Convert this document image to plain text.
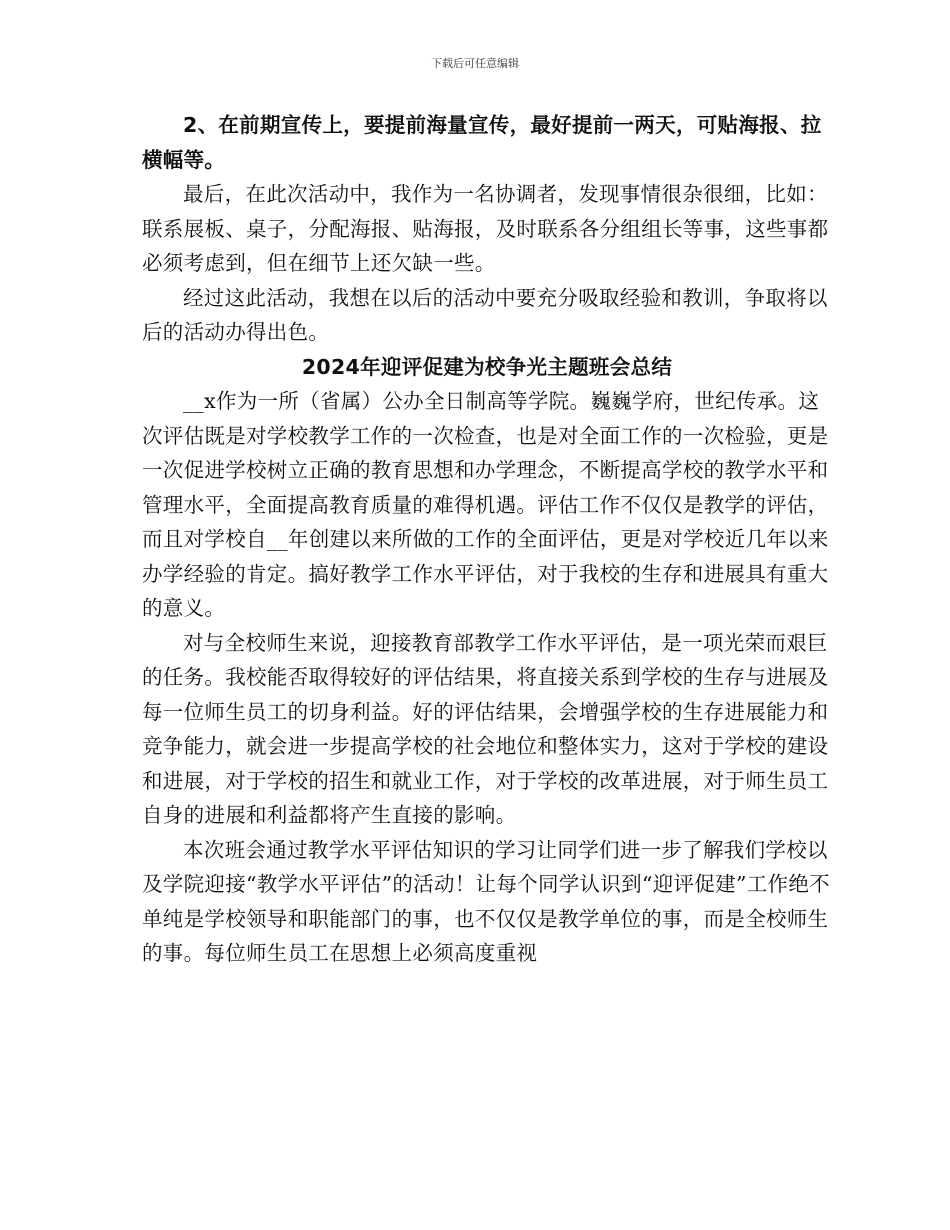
下载后可任意编辑

2、在前期宣传上，要提前海量宣传，最好提前一两天，可贴海报、拉横幅等。

最后，在此次活动中，我作为一名协调者，发现事情很杂很细，比如：联系展板、桌子，分配海报、贴海报，及时联系各分组组长等事，这些事都必须考虑到，但在细节上还欠缺一些。

经过这此活动，我想在以后的活动中要充分吸取经验和教训，争取将以后的活动办得出色。

2024年迎评促建为校争光主题班会总结

__x作为一所（省属）公办全日制高等学院。巍巍学府，世纪传承。这次评估既是对学校教学工作的一次检查，也是对全面工作的一次检验，更是一次促进学校树立正确的教育思想和办学理念，不断提高学校的教学水平和管理水平，全面提高教育质量的难得机遇。评估工作不仅仅是教学的评估，而且对学校自__年创建以来所做的工作的全面评估，更是对学校近几年以来办学经验的肯定。搞好教学工作水平评估，对于我校的生存和进展具有重大的意义。

对与全校师生来说，迎接教育部教学工作水平评估，是一项光荣而艰巨的任务。我校能否取得较好的评估结果，将直接关系到学校的生存与进展及每一位师生员工的切身利益。好的评估结果，会增强学校的生存进展能力和竞争能力，就会进一步提高学校的社会地位和整体实力，这对于学校的建设和进展，对于学校的招生和就业工作，对于学校的改革进展，对于师生员工自身的进展和利益都将产生直接的影响。

本次班会通过教学水平评估知识的学习让同学们进一步了解我们学校以及学院迎接“教学水平评估”的活动！让每个同学认识到“迎评促建”工作绝不单纯是学校领导和职能部门的事，也不仅仅是教学单位的事，而是全校师生的事。每位师生员工在思想上必须高度重视
